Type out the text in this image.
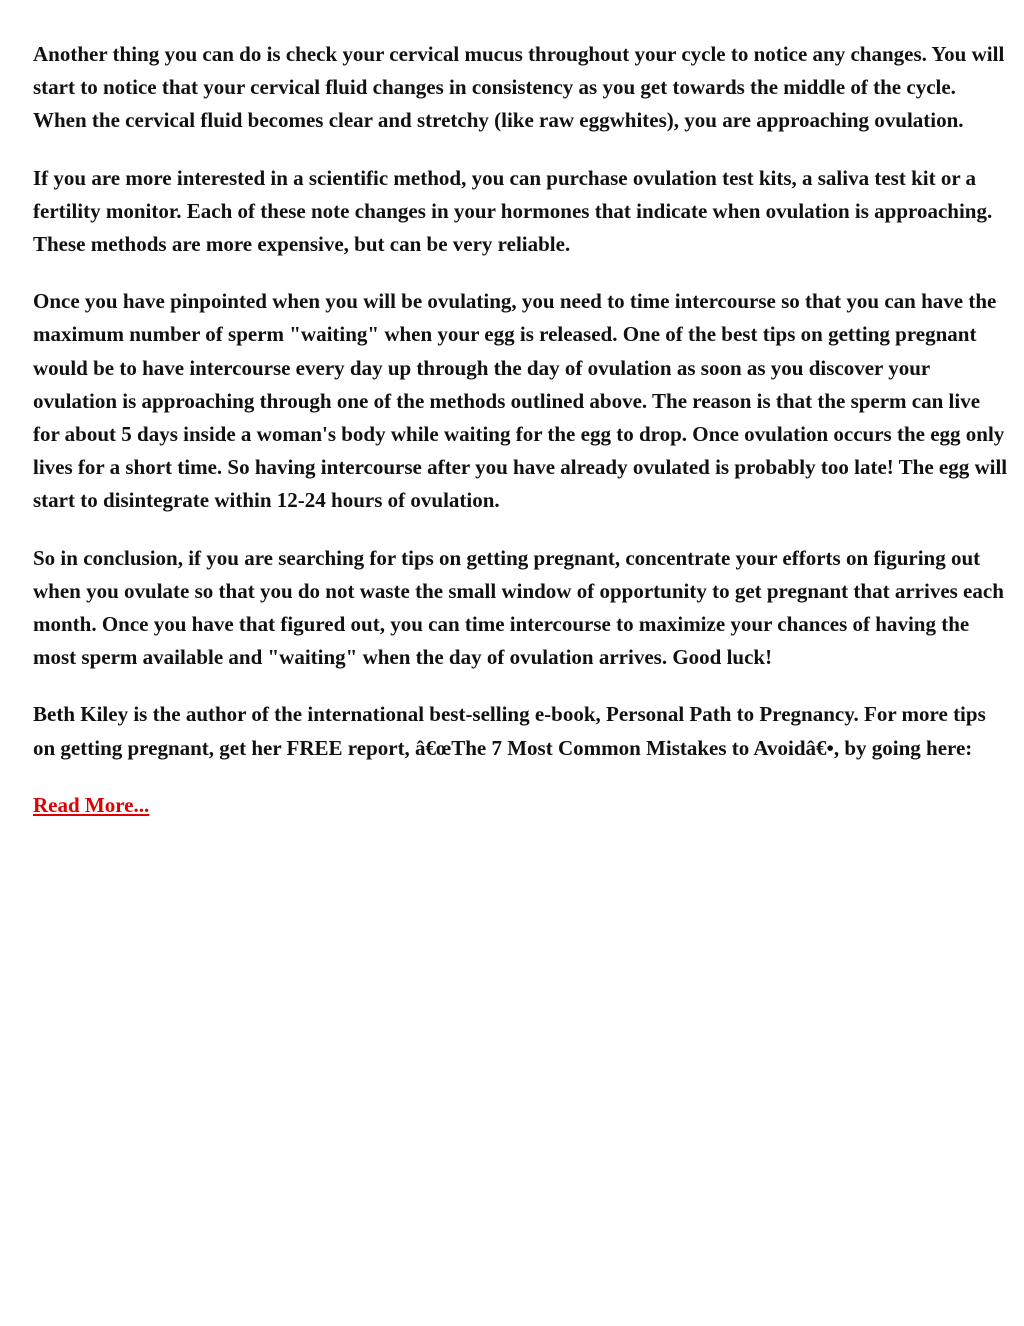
Another thing you can do is check your cervical mucus throughout your cycle to notice any changes. You will start to notice that your cervical fluid changes in consistency as you get towards the middle of the cycle. When the cervical fluid becomes clear and stretchy (like raw eggwhites), you are approaching ovulation.

If you are more interested in a scientific method, you can purchase ovulation test kits, a saliva test kit or a fertility monitor. Each of these note changes in your hormones that indicate when ovulation is approaching. These methods are more expensive, but can be very reliable.

Once you have pinpointed when you will be ovulating, you need to time intercourse so that you can have the maximum number of sperm "waiting" when your egg is released. One of the best tips on getting pregnant would be to have intercourse every day up through the day of ovulation as soon as you discover your ovulation is approaching through one of the methods outlined above. The reason is that the sperm can live for about 5 days inside a woman's body while waiting for the egg to drop. Once ovulation occurs the egg only lives for a short time. So having intercourse after you have already ovulated is probably too late! The egg will start to disintegrate within 12-24 hours of ovulation.

So in conclusion, if you are searching for tips on getting pregnant, concentrate your efforts on figuring out when you ovulate so that you do not waste the small window of opportunity to get pregnant that arrives each month. Once you have that figured out, you can time intercourse to maximize your chances of having the most sperm available and "waiting" when the day of ovulation arrives. Good luck!

Beth Kiley is the author of the international best-selling e-book, Personal Path to Pregnancy. For more tips on getting pregnant, get her FREE report, â€œThe 7 Most Common Mistakes to Avoidâ€•, by going here:

Read More...
